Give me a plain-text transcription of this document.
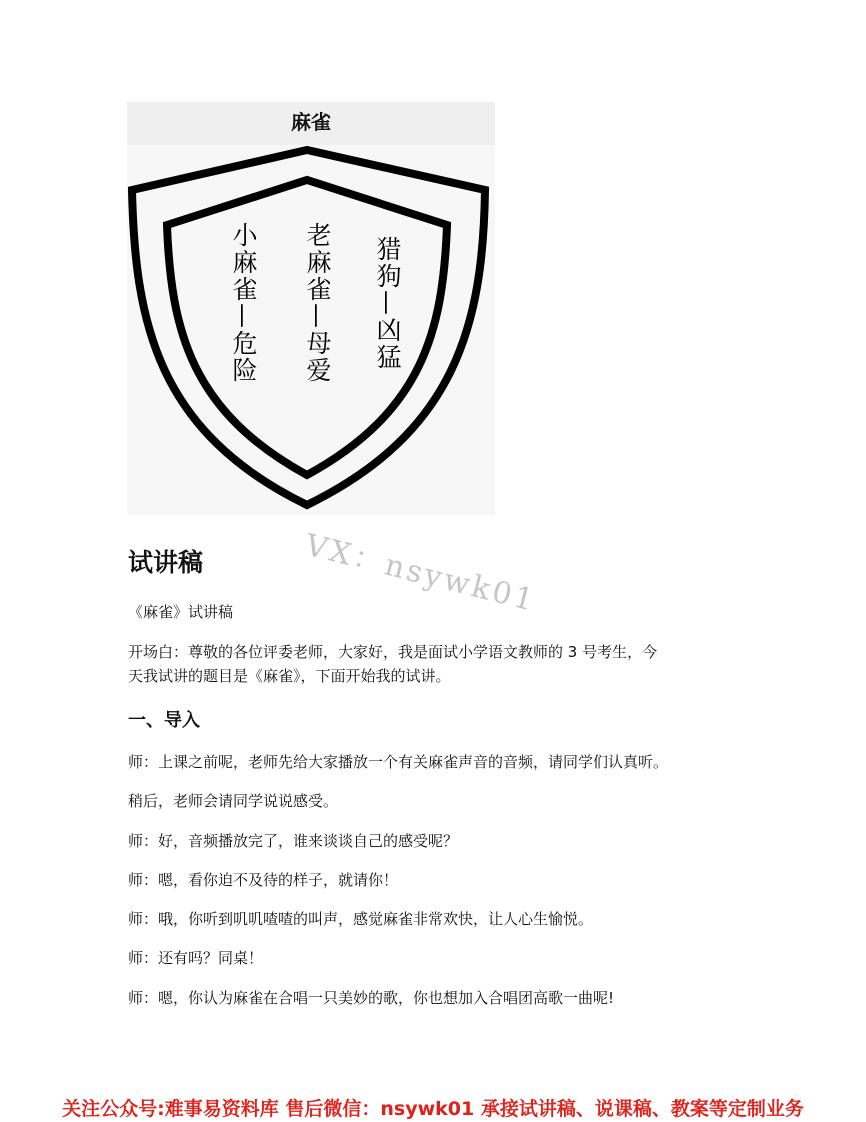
麻雀
小麻雀—危险 老麻雀—母爱 猎狗—凶猛
VX：nsywk01
试讲稿
《麻雀》试讲稿
开场白：尊敬的各位评委老师，大家好，我是面试小学语文教师的 3 号考生，今
天我试讲的题目是《麻雀》，下面开始我的试讲。
一、导入
师：上课之前呢，老师先给大家播放一个有关麻雀声音的音频，请同学们认真听。
稍后，老师会请同学说说感受。
师：好，音频播放完了，谁来谈谈自己的感受呢？
师：嗯，看你迫不及待的样子，就请你！
师：哦，你听到叽叽喳喳的叫声，感觉麻雀非常欢快，让人心生愉悦。
师：还有吗？同桌！
师：嗯，你认为麻雀在合唱一只美妙的歌，你也想加入合唱团高歌一曲呢!
关注公众号:难事易资料库 售后微信：nsywk01 承接试讲稿、说课稿、教案等定制业务
